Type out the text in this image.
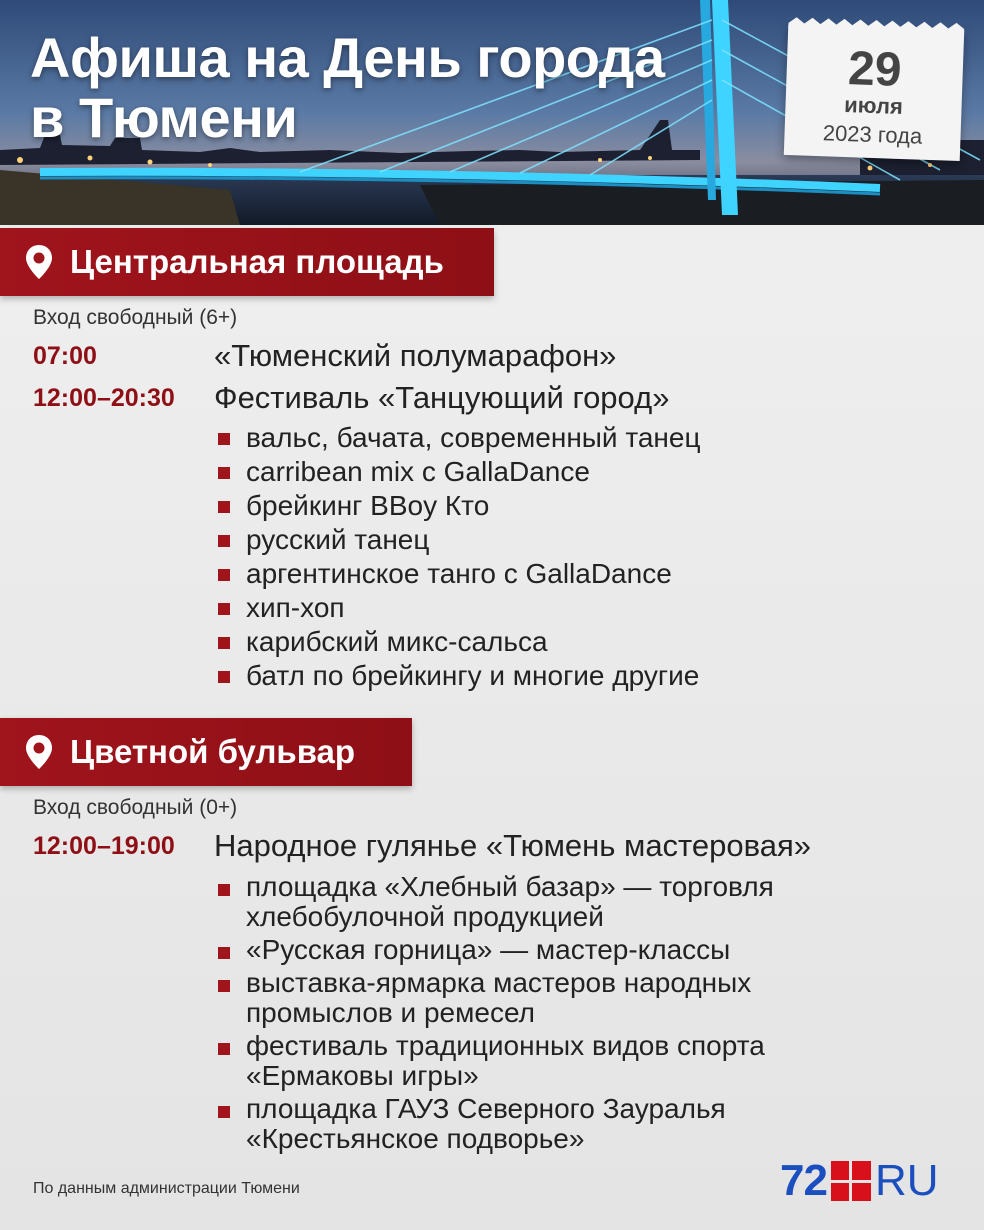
Афиша на День города
в Тюмени
29
июля
2023 года
Центральная площадь
Вход свободный (6+)
07:00	«Тюменский полумарафон»
12:00–20:30 Фестиваль «Танцующий город»
вальс, бачата, современный танец
carribean mix с GallaDance
брейкинг BBoy Кто
русский танец
аргентинское танго с GallaDance
хип-хоп
карибский микс-сальса
батл по брейкингу и многие другие
Цветной бульвар
Вход свободный (0+)
12:00–19:00 Народное гулянье «Тюмень мастеровая»
площадка «Хлебный базар» — торговля
хлебобулочной продукцией
«Русская горница» — мастер-классы
выставка-ярмарка мастеров народных
промыслов и ремесел
фестиваль традиционных видов спорта
«Ермаковы игры»
площадка ГАУЗ Северного Зауралья
«Крестьянское подворье»
По данным администрации Тюмени	72 RU
